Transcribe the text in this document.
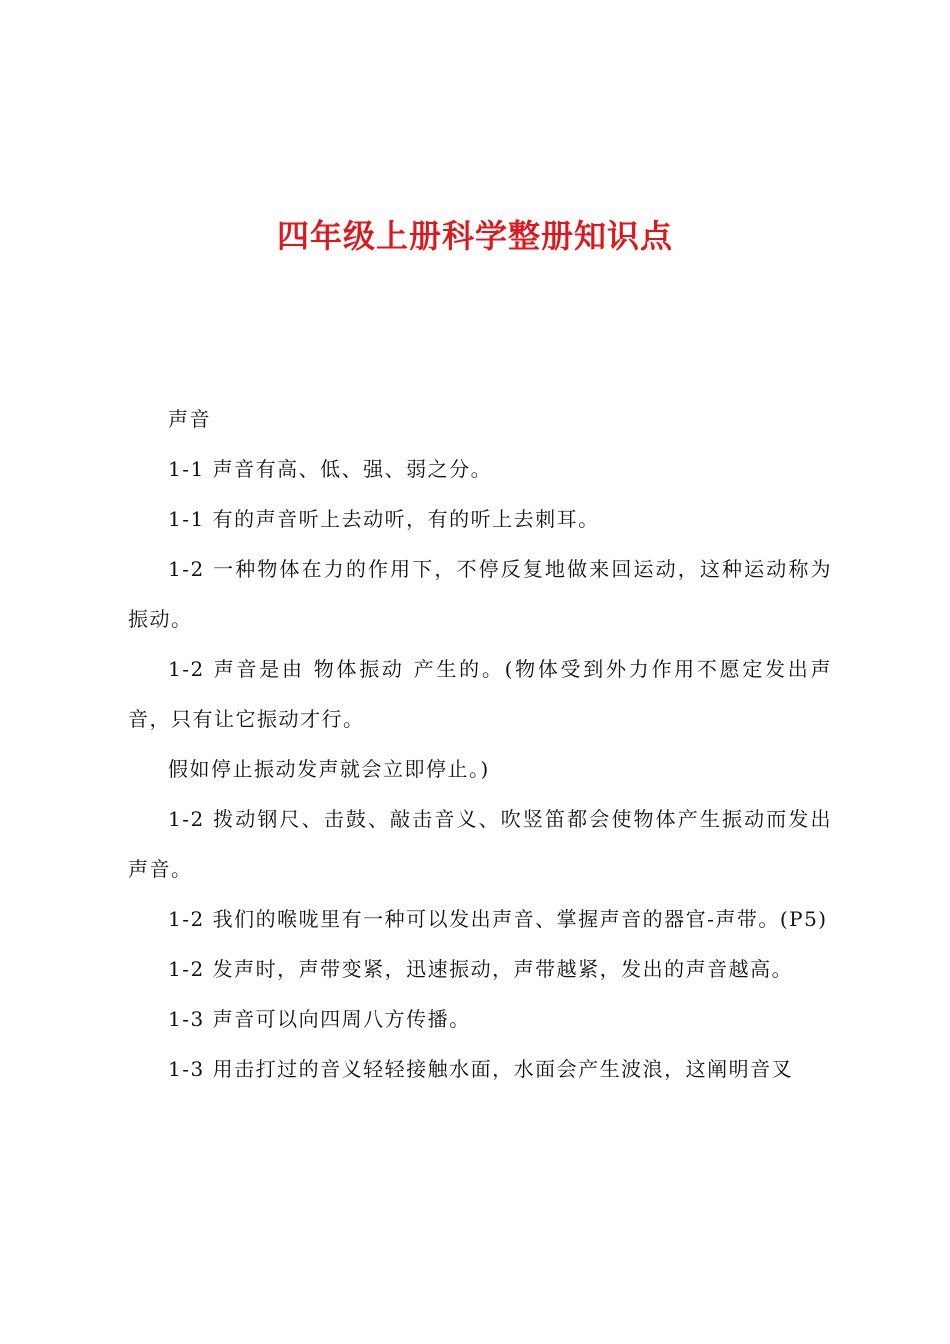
四年级上册科学整册知识点

声音

1-1 声音有高、低、强、弱之分。

1-1 有的声音听上去动听，有的听上去刺耳。

1-2 一种物体在力的作用下，不停反复地做来回运动，这种运动称为振动。

1-2 声音是由 物体振动 产生的。(物体受到外力作用不愿定发出声音，只有让它振动才行。

假如停止振动发声就会立即停止。)

1-2 拨动钢尺、击鼓、敲击音义、吹竖笛都会使物体产生振动而发出声音。

1-2 我们的喉咙里有一种可以发出声音、掌握声音的器官-声带。(P5)

1-2 发声时，声带变紧，迅速振动，声带越紧，发出的声音越高。

1-3 声音可以向四周八方传播。

1-3 用击打过的音义轻轻接触水面，水面会产生波浪，这阐明音叉
